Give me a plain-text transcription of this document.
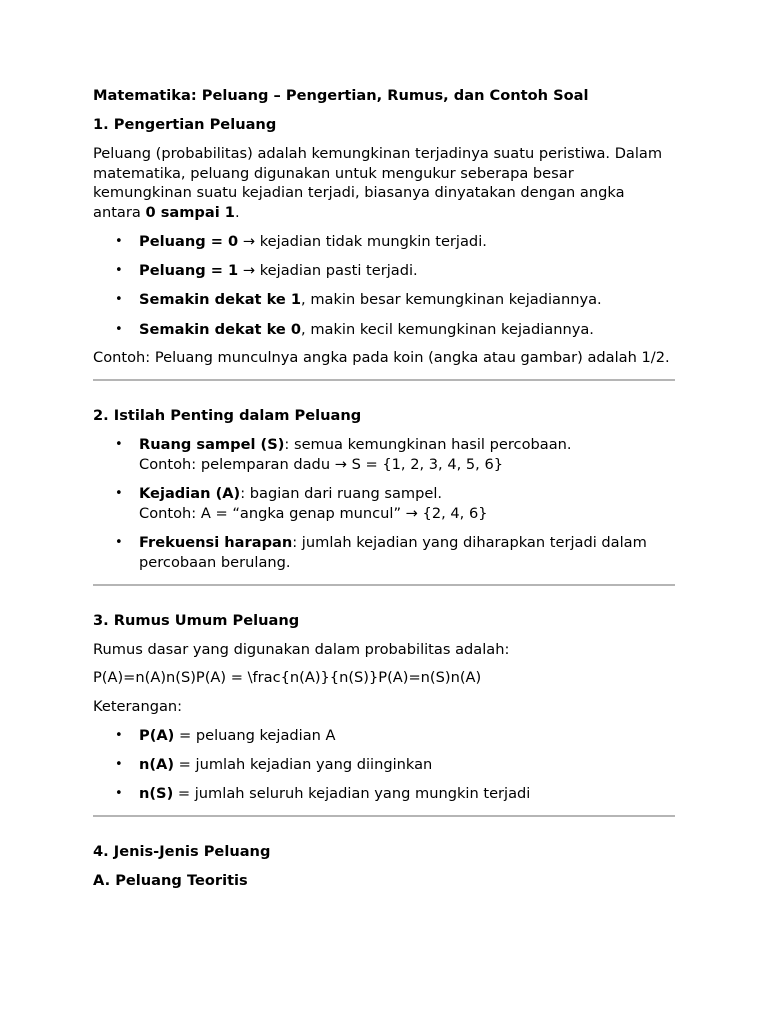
Matematika: Peluang – Pengertian, Rumus, dan Contoh Soal
1. Pengertian Peluang

Peluang (probabilitas) adalah kemungkinan terjadinya suatu peristiwa. Dalam matematika, peluang digunakan untuk mengukur seberapa besar kemungkinan suatu kejadian terjadi, biasanya dinyatakan dengan angka antara 0 sampai 1.

• Peluang = 0 → kejadian tidak mungkin terjadi.
• Peluang = 1 → kejadian pasti terjadi.
• Semakin dekat ke 1, makin besar kemungkinan kejadiannya.
• Semakin dekat ke 0, makin kecil kemungkinan kejadiannya.

Contoh: Peluang munculnya angka pada koin (angka atau gambar) adalah 1/2.

2. Istilah Penting dalam Peluang
• Ruang sampel (S): semua kemungkinan hasil percobaan.
Contoh: pelemparan dadu → S = {1, 2, 3, 4, 5, 6}
• Kejadian (A): bagian dari ruang sampel.
Contoh: A = “angka genap muncul” → {2, 4, 6}
• Frekuensi harapan: jumlah kejadian yang diharapkan terjadi dalam percobaan berulang.
3. Rumus Umum Peluang

Rumus dasar yang digunakan dalam probabilitas adalah:

P(A)=n(A)n(S)P(A) = \frac{n(A)}{n(S)}P(A)=n(S)n(A)

Keterangan:

• P(A) = peluang kejadian A
• n(A) = jumlah kejadian yang diinginkan
• n(S) = jumlah seluruh kejadian yang mungkin terjadi
4. Jenis-Jenis Peluang
A. Peluang Teoritis
